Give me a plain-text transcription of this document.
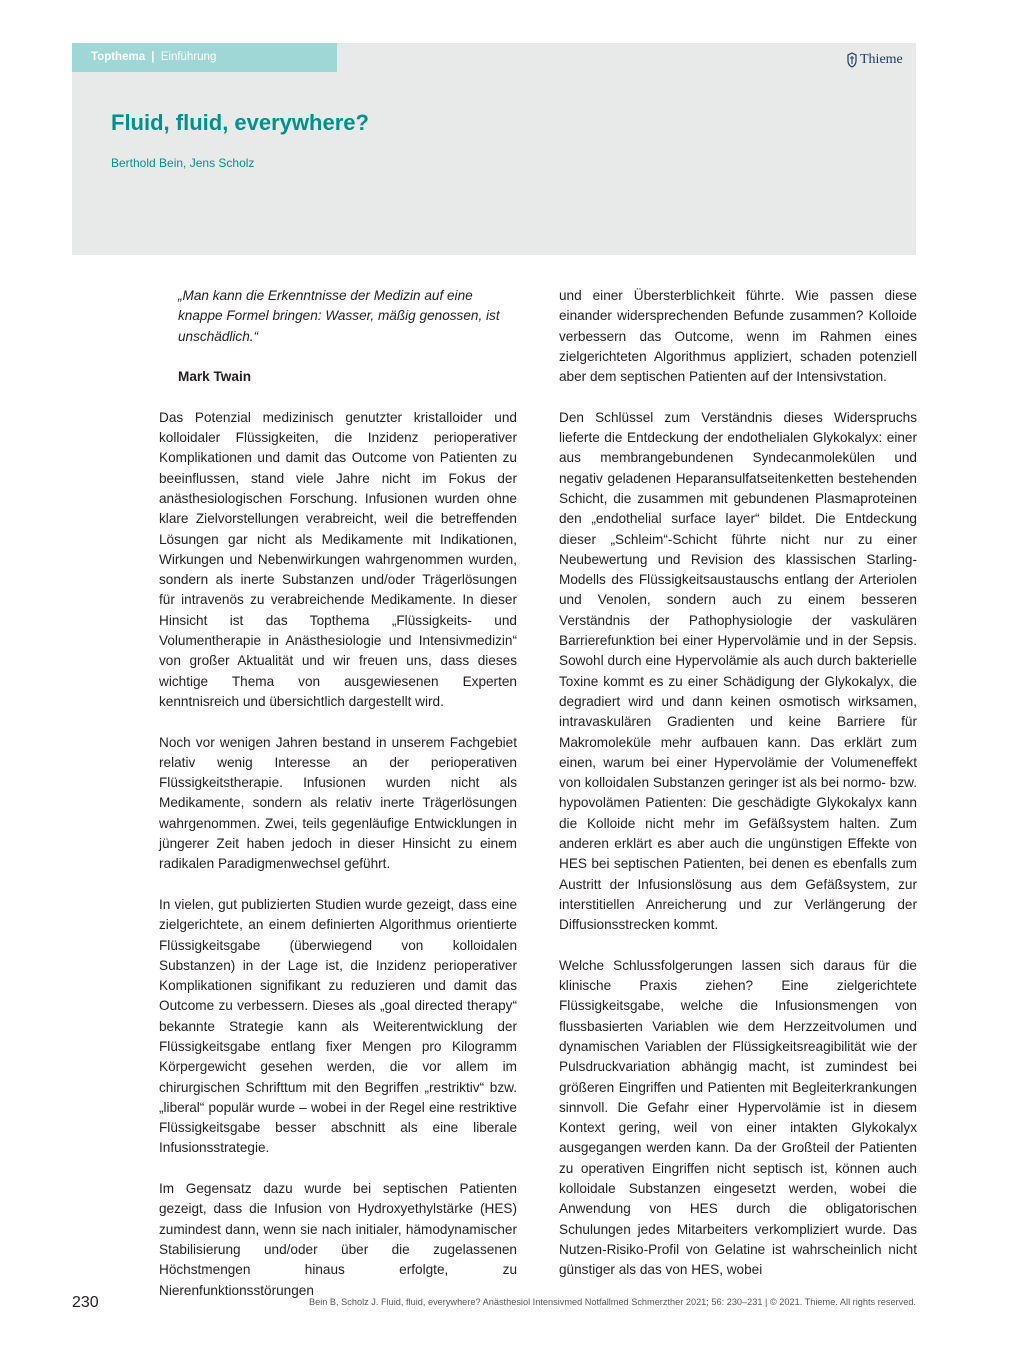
Topthema | Einführung	Thieme
Fluid, fluid, everywhere?
Berthold Bein, Jens Scholz

„Man kann die Erkenntnisse der Medizin auf eine knappe Formel bringen: Wasser, mäßig genossen, ist unschädlich.“

Mark Twain

Das Potenzial medizinisch genutzter kristalloider und kolloidaler Flüssigkeiten, die Inzidenz perioperativer Komplikationen und damit das Outcome von Patienten zu beeinflussen, stand viele Jahre nicht im Fokus der anästhesiologischen Forschung. Infusionen wurden ohne klare Zielvorstellungen verabreicht, weil die betreffenden Lösungen gar nicht als Medikamente mit Indikationen, Wirkungen und Nebenwirkungen wahrgenommen wurden, sondern als inerte Substanzen und/oder Trägerlösungen für intravenös zu verabreichende Medikamente. In dieser Hinsicht ist das Topthema „Flüssigkeits- und Volumentherapie in Anästhesiologie und Intensivmedizin“ von großer Aktualität und wir freuen uns, dass dieses wichtige Thema von ausgewiesenen Experten kenntnisreich und übersichtlich dargestellt wird.

Noch vor wenigen Jahren bestand in unserem Fachgebiet relativ wenig Interesse an der perioperativen Flüssigkeitstherapie. Infusionen wurden nicht als Medikamente, sondern als relativ inerte Trägerlösungen wahrgenommen. Zwei, teils gegenläufige Entwicklungen in jüngerer Zeit haben jedoch in dieser Hinsicht zu einem radikalen Paradigmenwechsel geführt.

In vielen, gut publizierten Studien wurde gezeigt, dass eine zielgerichtete, an einem definierten Algorithmus orientierte Flüssigkeitsgabe (überwiegend von kolloidalen Substanzen) in der Lage ist, die Inzidenz perioperativer Komplikationen signifikant zu reduzieren und damit das Outcome zu verbessern. Dieses als „goal directed therapy“ bekannte Strategie kann als Weiterentwicklung der Flüssigkeitsgabe entlang fixer Mengen pro Kilogramm Körpergewicht gesehen werden, die vor allem im chirurgischen Schrifttum mit den Begriffen „restriktiv“ bzw. „liberal“ populär wurde – wobei in der Regel eine restriktive Flüssigkeitsgabe besser abschnitt als eine liberale Infusionsstrategie.

Im Gegensatz dazu wurde bei septischen Patienten gezeigt, dass die Infusion von Hydroxyethylstärke (HES) zumindest dann, wenn sie nach initialer, hämodynamischer Stabilisierung und/oder über die zugelassenen Höchstmengen hinaus erfolgte, zu Nierenfunktionsstörungen

und einer Übersterblichkeit führte. Wie passen diese einander widersprechenden Befunde zusammen? Kolloide verbessern das Outcome, wenn im Rahmen eines zielgerichteten Algorithmus appliziert, schaden potenziell aber dem septischen Patienten auf der Intensivstation.

Den Schlüssel zum Verständnis dieses Widerspruchs lieferte die Entdeckung der endothelialen Glykokalyx: einer aus membrangebundenen Syndecanmolekülen und negativ geladenen Heparansulfatseitenketten bestehenden Schicht, die zusammen mit gebundenen Plasmaproteinen den „endothelial surface layer“ bildet. Die Entdeckung dieser „Schleim“-Schicht führte nicht nur zu einer Neubewertung und Revision des klassischen Starling-Modells des Flüssigkeitsaustauschs entlang der Arteriolen und Venolen, sondern auch zu einem besseren Verständnis der Pathophysiologie der vaskulären Barrierefunktion bei einer Hypervolämie und in der Sepsis. Sowohl durch eine Hypervolämie als auch durch bakterielle Toxine kommt es zu einer Schädigung der Glykokalyx, die degradiert wird und dann keinen osmotisch wirksamen, intravaskulären Gradienten und keine Barriere für Makromoleküle mehr aufbauen kann. Das erklärt zum einen, warum bei einer Hypervolämie der Volumeneffekt von kolloidalen Substanzen geringer ist als bei normo- bzw. hypovolämen Patienten: Die geschädigte Glykokalyx kann die Kolloide nicht mehr im Gefäßsystem halten. Zum anderen erklärt es aber auch die ungünstigen Effekte von HES bei septischen Patienten, bei denen es ebenfalls zum Austritt der Infusionslösung aus dem Gefäßsystem, zur interstitiellen Anreicherung und zur Verlängerung der Diffusionsstrecken kommt.

Welche Schlussfolgerungen lassen sich daraus für die klinische Praxis ziehen? Eine zielgerichtete Flüssigkeitsgabe, welche die Infusionsmengen von flussbasierten Variablen wie dem Herzzeitvolumen und dynamischen Variablen der Flüssigkeitsreagibilität wie der Pulsdruckvariation abhängig macht, ist zumindest bei größeren Eingriffen und Patienten mit Begleiterkrankungen sinnvoll. Die Gefahr einer Hypervolämie ist in diesem Kontext gering, weil von einer intakten Glykokalyx ausgegangen werden kann. Da der Großteil der Patienten zu operativen Eingriffen nicht septisch ist, können auch kolloidale Substanzen eingesetzt werden, wobei die Anwendung von HES durch die obligatorischen Schulungen jedes Mitarbeiters verkompliziert wurde. Das Nutzen-Risiko-Profil von Gelatine ist wahrscheinlich nicht günstiger als das von HES, wobei

230	Bein B, Scholz J. Fluid, fluid, everywhere? Anästhesiol Intensivmed Notfallmed Schmerzther 2021; 56: 230–231 | © 2021. Thieme. All rights reserved.
